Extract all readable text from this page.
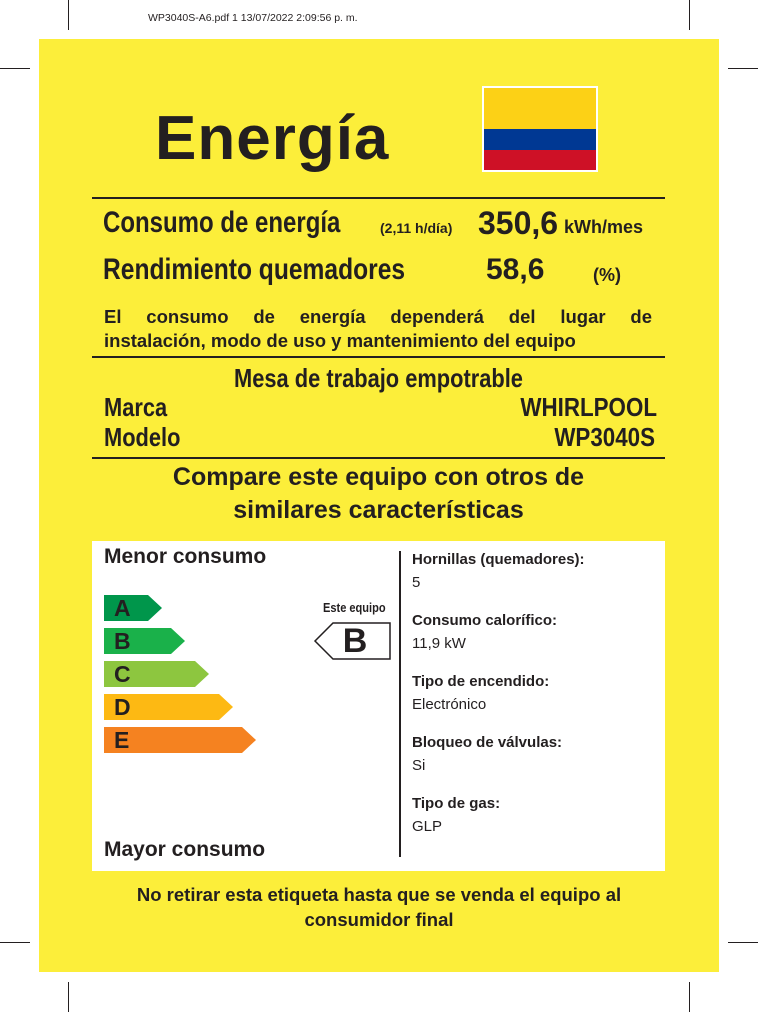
WP3040S-A6.pdf 1 13/07/2022 2:09:56 p. m.
Energía
Consumo de energía	(2,11 h/día) 350,6 kWh/mes
Rendimiento quemadores	58,6	(%)
El consumo de energía dependerá del lugar de
instalación, modo de uso y mantenimiento del equipo
Mesa de trabajo empotrable
Marca	WHIRLPOOL
Modelo	WP3040S
Compare este equipo con otros de
similares características
Menor consumo
A
B
C
D
E
Este equipo
B
Mayor consumo
Hornillas (quemadores):
5
Consumo calorífico:
11,9 kW
Tipo de encendido:
Electrónico
Bloqueo de válvulas:
Si
Tipo de gas:
GLP
No retirar esta etiqueta hasta que se venda el equipo al
consumidor final
